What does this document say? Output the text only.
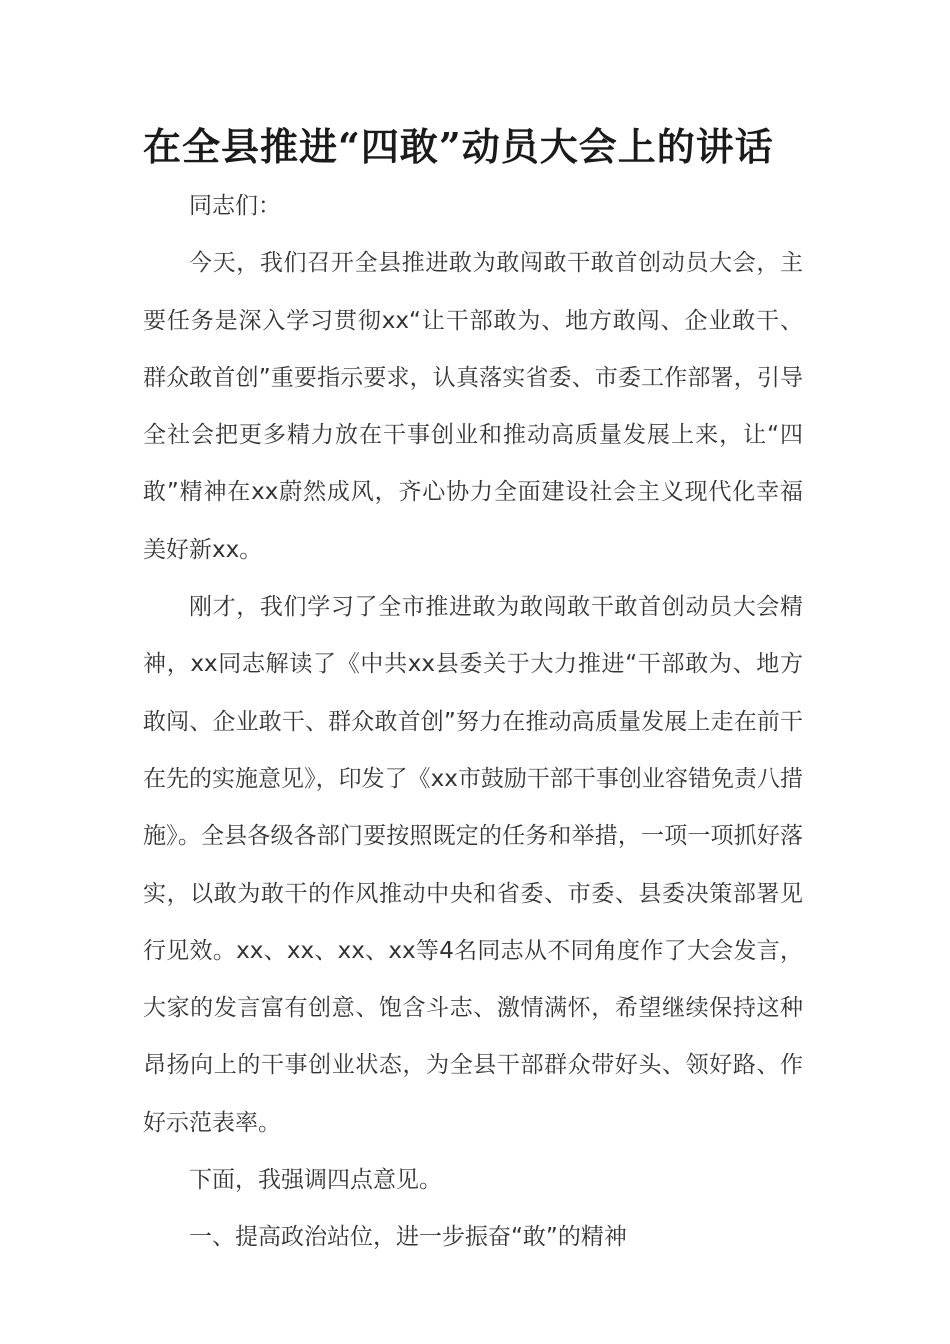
在全县推进“四敢”动员大会上的讲话

同志们：

今天，我们召开全县推进敢为敢闯敢干敢首创动员大会，主要任务是深入学习贯彻xx“让干部敢为、地方敢闯、企业敢干、群众敢首创”重要指示要求，认真落实省委、市委工作部署，引导全社会把更多精力放在干事创业和推动高质量发展上来，让“四敢”精神在xx蔚然成风，齐心协力全面建设社会主义现代化幸福美好新xx。

刚才，我们学习了全市推进敢为敢闯敢干敢首创动员大会精神，xx同志解读了《中共xx县委关于大力推进“干部敢为、地方敢闯、企业敢干、群众敢首创”努力在推动高质量发展上走在前干在先的实施意见》，印发了《xx市鼓励干部干事创业容错免责八措施》。全县各级各部门要按照既定的任务和举措，一项一项抓好落实，以敢为敢干的作风推动中央和省委、市委、县委决策部署见行见效。xx、xx、xx、xx等4名同志从不同角度作了大会发言，大家的发言富有创意、饱含斗志、激情满怀，希望继续保持这种昂扬向上的干事创业状态，为全县干部群众带好头、领好路、作好示范表率。

下面，我强调四点意见。

一、提高政治站位，进一步振奋“敢”的精神
